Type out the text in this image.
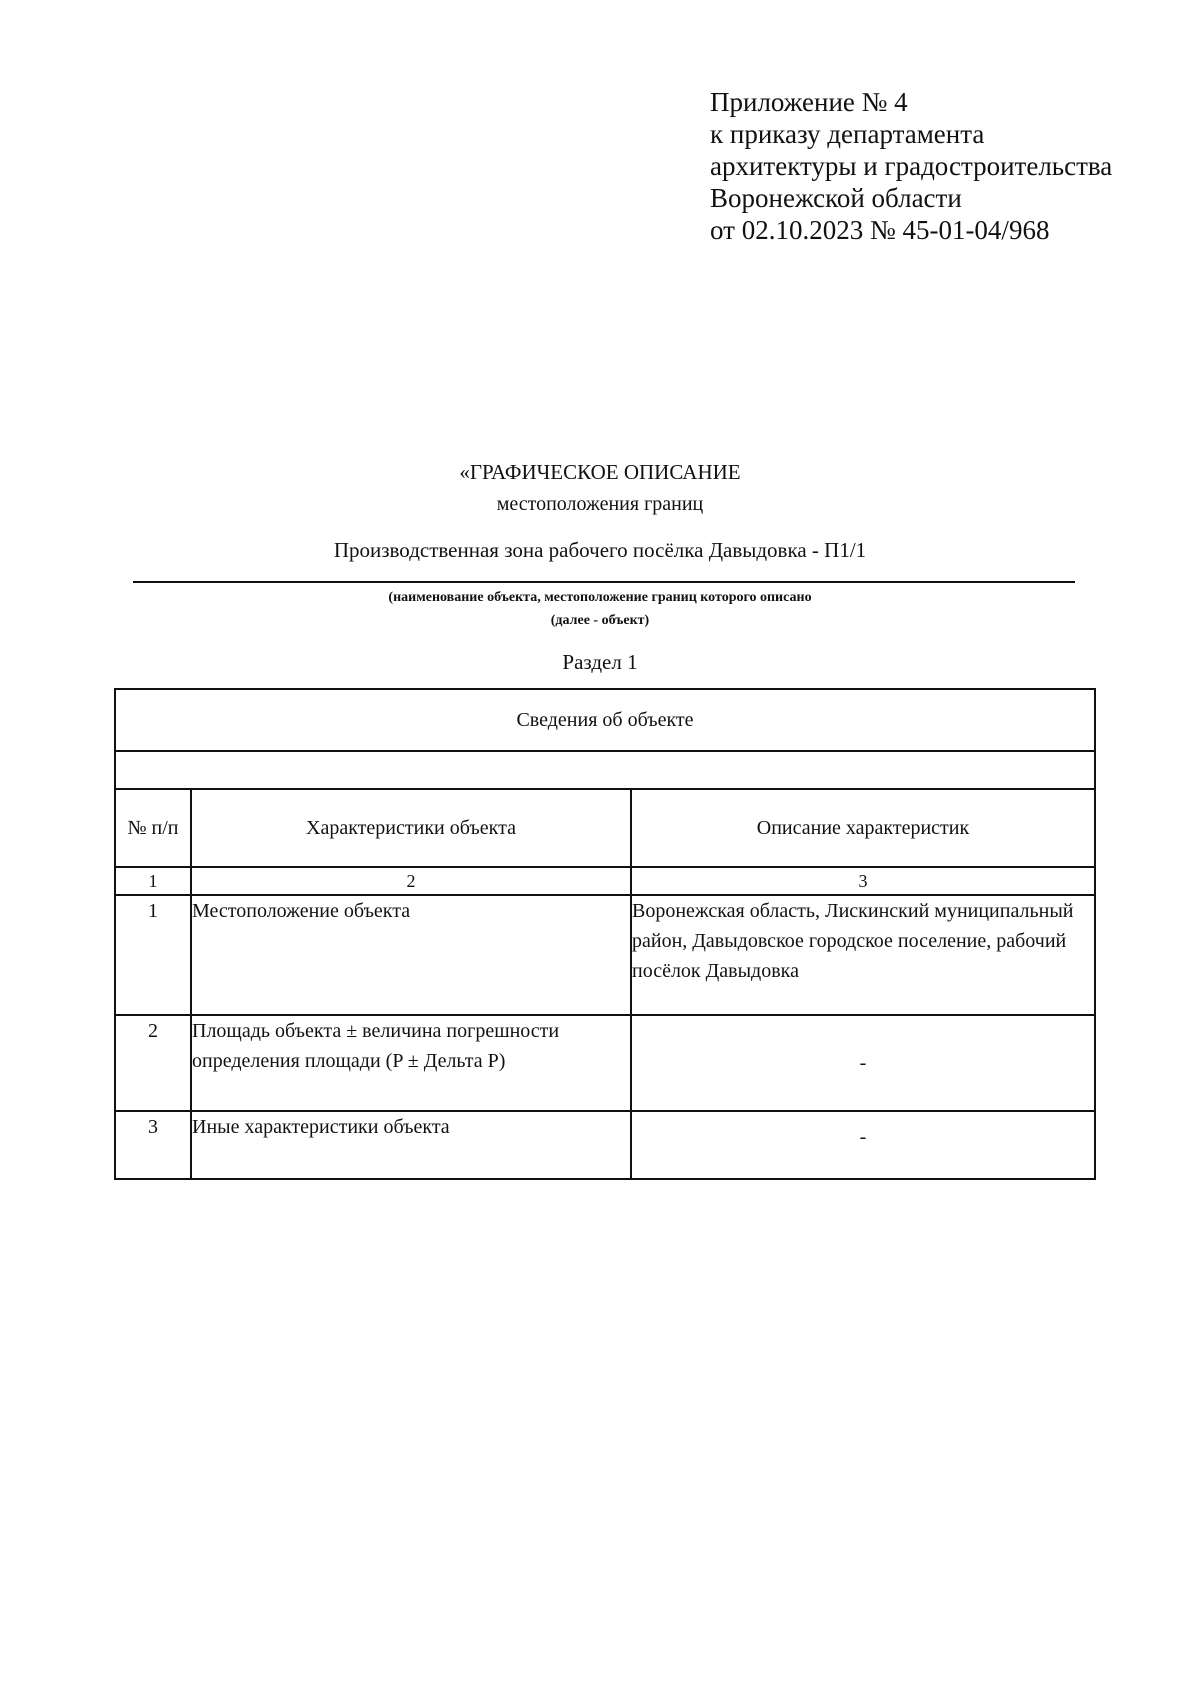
Приложение № 4
к приказу департамента
архитектуры и градостроительства
Воронежской области
от 02.10.2023 № 45-01-04/968
«ГРАФИЧЕСКОЕ ОПИСАНИЕ
местоположения границ
Производственная зона рабочего посёлка Давыдовка - П1/1
(наименование объекта, местоположение границ которого описано
(далее - объект)
Раздел 1
Сведения об объекте		

№ п/п	Характеристики объекта	Описание характеристик
1	2	3
1	Местоположение объекта	Воронежская область, Лискинский муниципальный район, Давыдовское городское поселение, рабочий посёлок Давыдовка
2	Площадь объекта ± величина погрешности определения площади (P ± Дельта P)	-
3	Иные характеристики объекта	-
